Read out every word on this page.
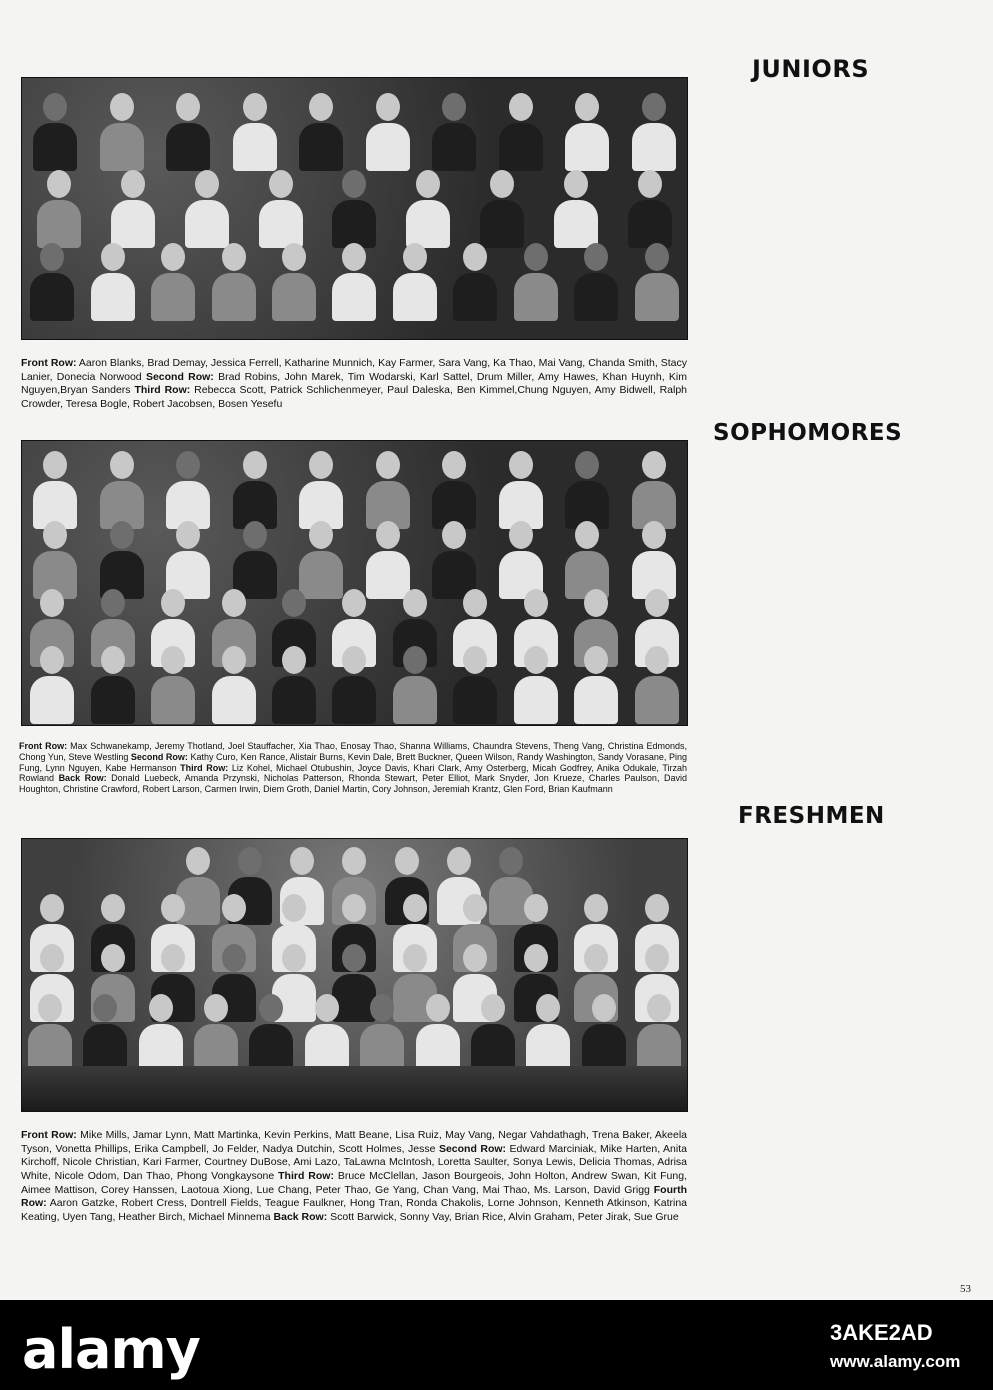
JUNIORS
Front Row: Aaron Blanks, Brad Demay, Jessica Ferrell, Katharine Munnich, Kay Farmer, Sara Vang, Ka Thao, Mai Vang, Chanda Smith, Stacy Lanier, Donecia Norwood Second Row: Brad Robins, John Marek, Tim Wodarski, Karl Sattel, Drum Miller, Amy Hawes, Khan Huynh, Kim Nguyen,Bryan Sanders Third Row: Rebecca Scott, Patrick Schlichenmeyer, Paul Daleska, Ben Kimmel,Chung Nguyen, Amy Bidwell, Ralph Crowder, Teresa Bogle, Robert Jacobsen, Bosen Yesefu
SOPHOMORES
Front Row: Max Schwanekamp, Jeremy Thotland, Joel Stauffacher, Xia Thao, Enosay Thao, Shanna Williams, Chaundra Stevens, Theng Vang, Christina Edmonds, Chong Yun, Steve Westling Second Row: Kathy Curo, Ken Rance, Alistair Burns, Kevin Dale, Brett Buckner, Queen Wilson, Randy Washington, Sandy Vorasane, Ping Fung, Lynn Nguyen, Kabe Hermanson Third Row: Liz Kohel, Michael Otubushin, Joyce Davis, Khari Clark, Amy Osterberg, Micah Godfrey, Anika Odukale, Tirzah Rowland Back Row: Donald Luebeck, Amanda Przynski, Nicholas Patterson, Rhonda Stewart, Peter Elliot, Mark Snyder, Jon Krueze, Charles Paulson, David Houghton, Christine Crawford, Robert Larson, Carmen Irwin, Diem Groth, Daniel Martin, Cory Johnson, Jeremiah Krantz, Glen Ford, Brian Kaufmann
FRESHMEN
Front Row: Mike Mills, Jamar Lynn, Matt Martinka, Kevin Perkins, Matt Beane, Lisa Ruiz, May Vang, Negar Vahdathagh, Trena Baker, Akeela Tyson, Vonetta Phillips, Erika Campbell, Jo Felder, Nadya Dutchin, Scott Holmes, Jesse Second Row: Edward Marciniak, Mike Harten, Anita Kirchoff, Nicole Christian, Kari Farmer, Courtney DuBose, Ami Lazo, TaLawna McIntosh, Loretta Saulter, Sonya Lewis, Delicia Thomas, Adrisa White, Nicole Odom, Dan Thao, Phong Vongkaysone Third Row: Bruce McClellan, Jason Bourgeois, John Holton, Andrew Swan, Kit Fung, Aimee Mattison, Corey Hanssen, Laotoua Xiong, Lue Chang, Peter Thao, Ge Yang, Chan Vang, Mai Thao, Ms. Larson, David Grigg Fourth Row: Aaron Gatzke, Robert Cress, Dontrell Fields, Teague Faulkner, Hong Tran, Ronda Chakolis, Lorne Johnson, Kenneth Atkinson, Katrina Keating, Uyen Tang, Heather Birch, Michael Minnema Back Row: Scott Barwick, Sonny Vay, Brian Rice, Alvin Graham, Peter Jirak, Sue Grue
53
alamy	3AKE2AD
www.alamy.com
